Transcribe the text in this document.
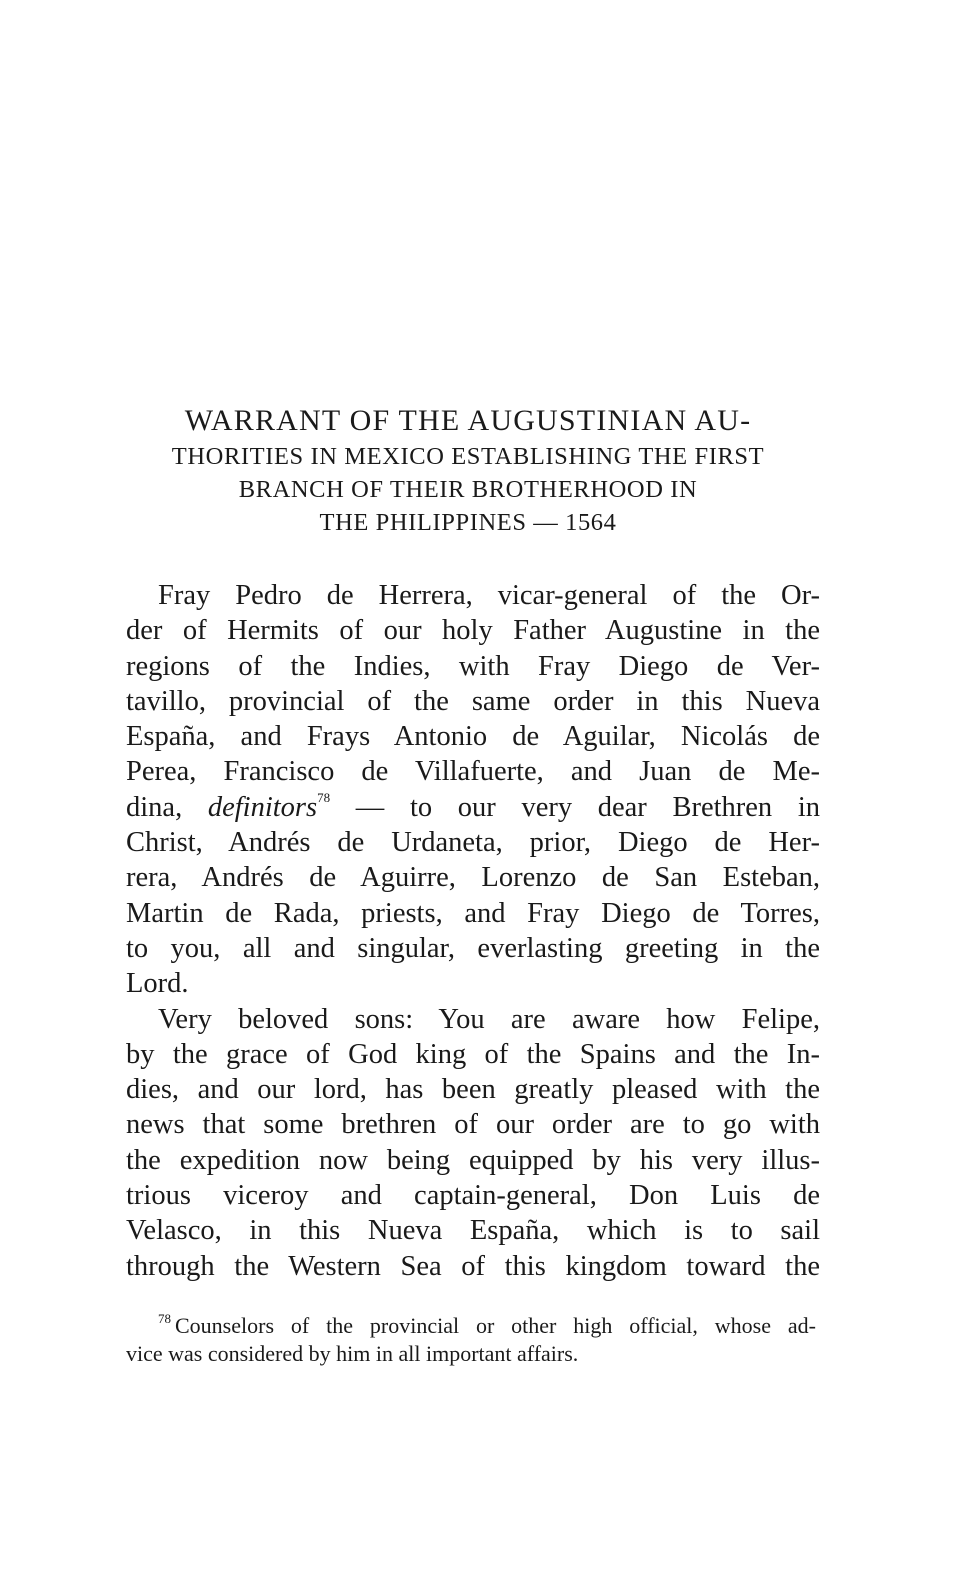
WARRANT OF THE AUGUSTINIAN AU-

THORITIES IN MEXICO ESTABLISHING THE FIRST

BRANCH OF THEIR BROTHERHOOD IN

THE PHILIPPINES — 1564

Fray Pedro de Herrera, vicar-general of the Or-
der of Hermits of our holy Father Augustine in the
regions of the Indies, with Fray Diego de Ver-
tavillo, provincial of the same order in this Nueva
España, and Frays Antonio de Aguilar, Nicolás de
Perea, Francisco de Villafuerte, and Juan de Me-
dina, definitors$^{78}$ — to our very dear Brethren in
Christ, Andrés de Urdaneta, prior, Diego de Her-
rera, Andrés de Aguirre, Lorenzo de San Esteban,
Martin de Rada, priests, and Fray Diego de Torres,
to you, all and singular, everlasting greeting in the
Lord.
Very beloved sons: You are aware how Felipe,
by the grace of God king of the Spains and the In-
dies, and our lord, has been greatly pleased with the
news that some brethren of our order are to go with
the expedition now being equipped by his very illus-
trious viceroy and captain-general, Don Luis de
Velasco, in this Nueva España, which is to sail
through the Western Sea of this kingdom toward the
$^{78}$ Counselors of the provincial or other high official, whose ad-
vice was considered by him in all important affairs.
